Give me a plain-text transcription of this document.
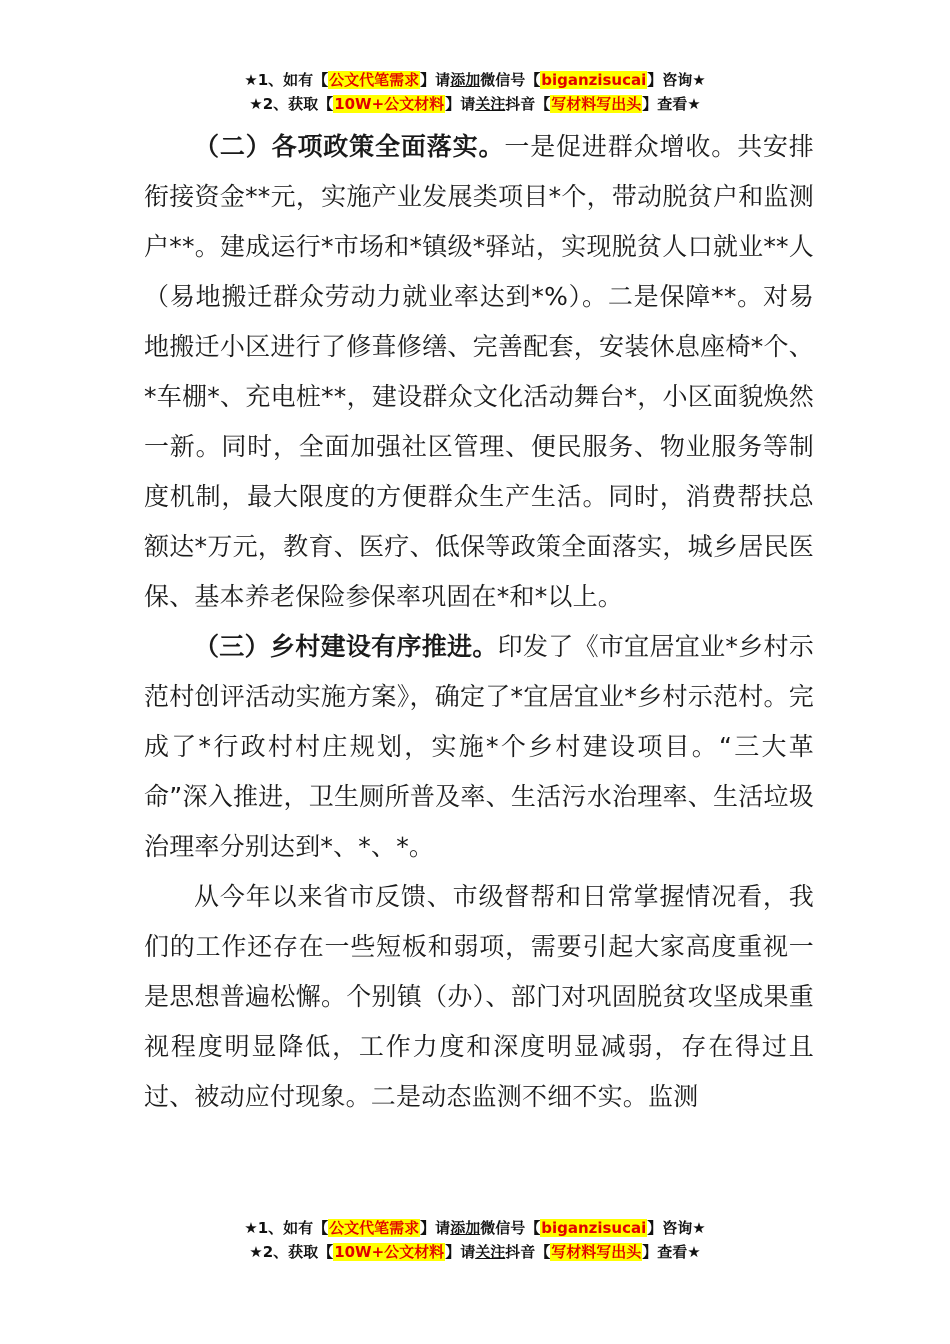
★1、如有【公文代笔需求】请添加微信号【biganzisucai】咨询★
★2、获取【10W+公文材料】请关注抖音【写材料写出头】查看★

（二）各项政策全面落实。一是促进群众增收。共安排衔接资金**元，实施产业发展类项目*个，带动脱贫户和监测户**。建成运行*市场和*镇级*驿站，实现脱贫人口就业**人（易地搬迁群众劳动力就业率达到*%）。二是保障**。对易地搬迁小区进行了修葺修缮、完善配套，安装休息座椅*个、*车棚*、充电桩**，建设群众文化活动舞台*，小区面貌焕然一新。同时，全面加强社区管理、便民服务、物业服务等制度机制，最大限度的方便群众生产生活。同时，消费帮扶总额达*万元，教育、医疗、低保等政策全面落实，城乡居民医保、基本养老保险参保率巩固在*和*以上。

（三）乡村建设有序推进。印发了《市宜居宜业*乡村示范村创评活动实施方案》，确定了*宜居宜业*乡村示范村。完成了*行政村村庄规划，实施*个乡村建设项目。“三大革命”深入推进，卫生厕所普及率、生活污水治理率、生活垃圾治理率分别达到*、*、*。

从今年以来省市反馈、市级督帮和日常掌握情况看，我们的工作还存在一些短板和弱项，需要引起大家高度重视一是思想普遍松懈。个别镇（办）、部门对巩固脱贫攻坚成果重视程度明显降低，工作力度和深度明显减弱，存在得过且过、被动应付现象。二是动态监测不细不实。监测

★1、如有【公文代笔需求】请添加微信号【biganzisucai】咨询★
★2、获取【10W+公文材料】请关注抖音【写材料写出头】查看★
